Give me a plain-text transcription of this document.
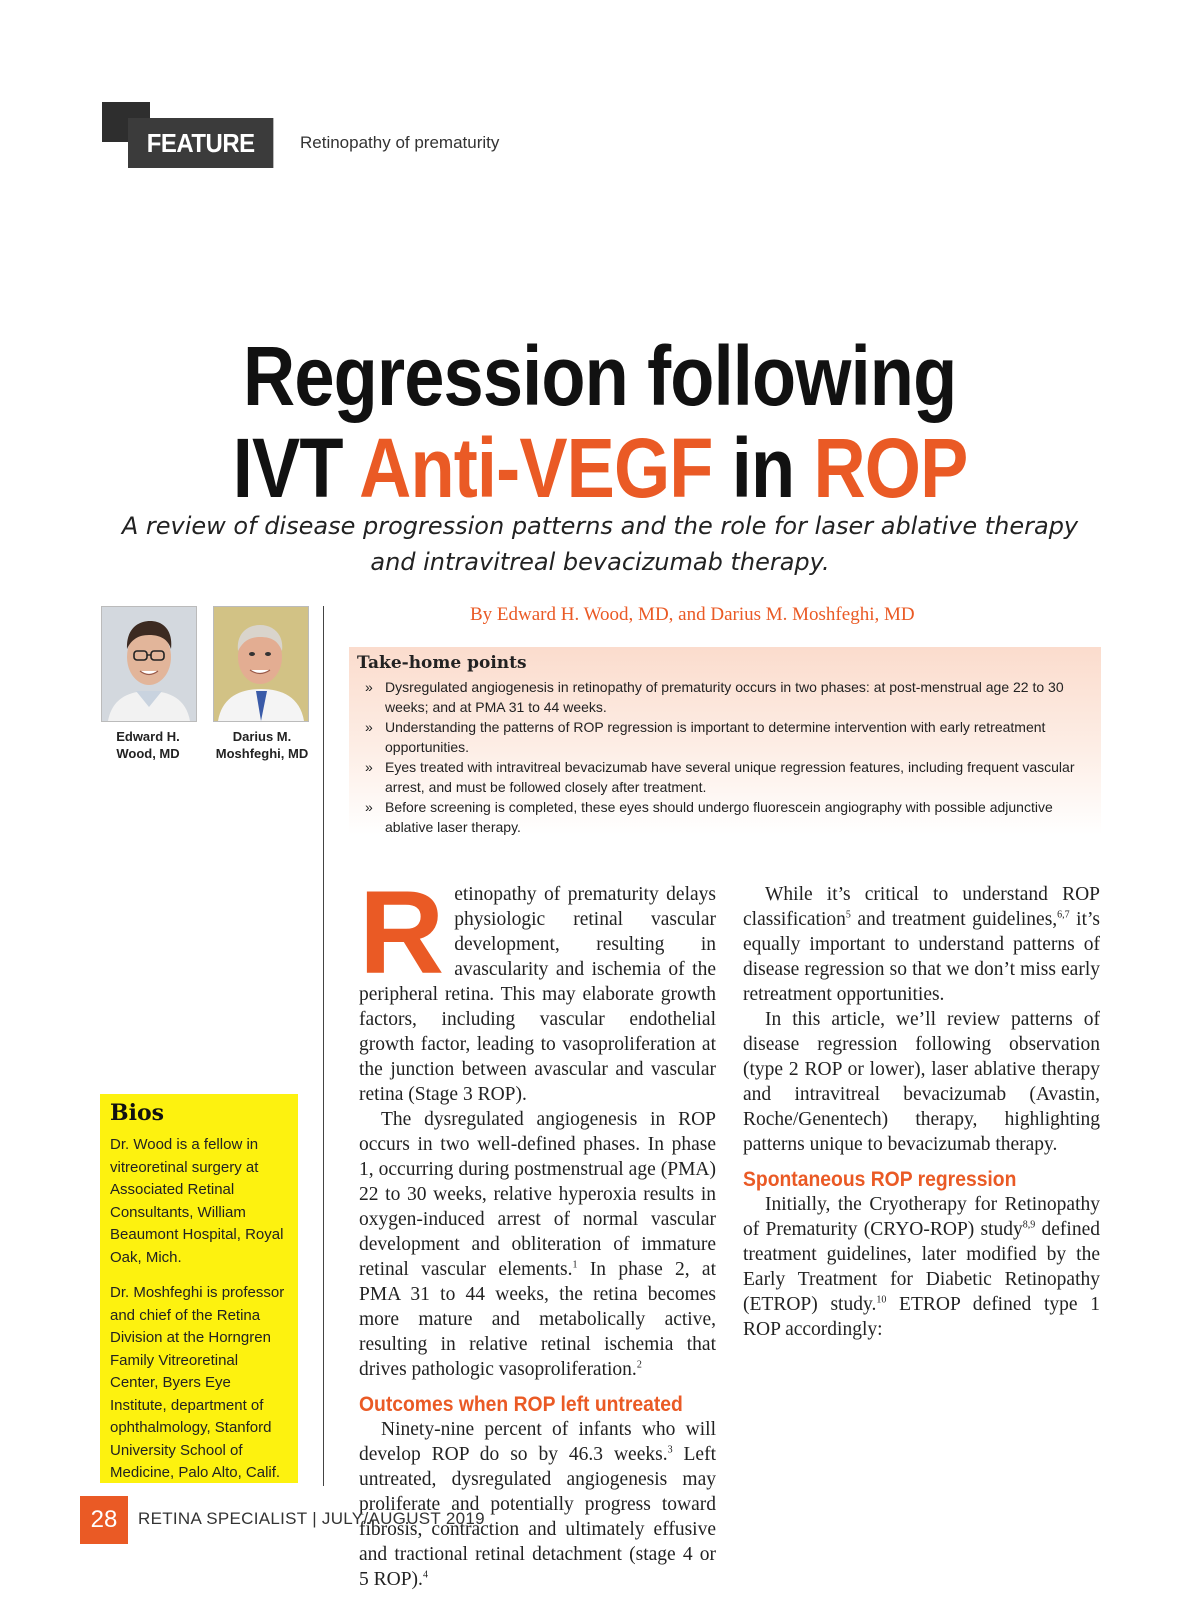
FEATURE	Retinopathy of prematurity
Regression following
IVT Anti-VEGF in ROP
A review of disease progression patterns and the role for laser ablative therapy
and intravitreal bevacizumab therapy.
By Edward H. Wood, MD, and Darius M. Moshfeghi, MD
Edward H.
Wood, MD
Darius M.
Moshfeghi, MD
Take-home points
» Dysregulated angiogenesis in retinopathy of prematurity occurs in two phases: at post-menstrual age 22 to 30 weeks; and at PMA 31 to 44 weeks.
» Understanding the patterns of ROP regression is important to determine intervention with early retreatment opportunities.
» Eyes treated with intravitreal bevacizumab have several unique regression features, including frequent vascular arrest, and must be followed closely after treatment.
» Before screening is completed, these eyes should undergo fluorescein angiography with possible adjunctive ablative laser therapy.
Bios

Dr. Wood is a fellow in vitreoretinal surgery at Associated Retinal Consultants, William Beaumont Hospital, Royal Oak, Mich.

Dr. Moshfeghi is professor and chief of the Retina Division at the Horngren Family Vitreoretinal Center, Byers Eye Institute, department of ophthalmology, Stanford University School of Medicine, Palo Alto, Calif.

Retinopathy of prematurity delays physiologic retinal vascular development, resulting in avascularity and ischemia of the peripheral retina. This may elaborate growth factors, including vascular endothelial growth factor, leading to vasoproliferation at the junction between avascular and vascular retina (Stage 3 ROP).

The dysregulated angiogenesis in ROP occurs in two well-defined phases. In phase 1, occurring during postmenstrual age (PMA) 22 to 30 weeks, relative hyperoxia results in oxygen-induced arrest of normal vascular development and obliteration of immature retinal vascular elements.$^1$ In phase 2, at PMA 31 to 44 weeks, the retina becomes more mature and metabolically active, resulting in relative retinal ischemia that drives pathologic vasoproliferation.$^2$

Outcomes when ROP left untreated

Ninety-nine percent of infants who will develop ROP do so by 46.3 weeks.$^3$ Left untreated, dysregulated angiogenesis may proliferate and potentially progress toward fibrosis, contraction and ultimately effusive and tractional retinal detachment (stage 4 or 5 ROP).$^4$

While it’s critical to understand ROP classification$^5$ and treatment guidelines,$^{6,7}$ it’s equally important to understand patterns of disease regression so that we don’t miss early retreatment opportunities.

In this article, we’ll review patterns of disease regression following observation (type 2 ROP or lower), laser ablative therapy and intravitreal bevacizumab (Avastin, Roche/Genentech) therapy, highlighting patterns unique to bevacizumab therapy.

Spontaneous ROP regression

Initially, the Cryotherapy for Retinopathy of Prematurity (CRYO-ROP) study$^{8,9}$ defined treatment guidelines, later modified by the Early Treatment for Diabetic Retinopathy (ETROP) study.$^{10}$ ETROP defined type 1 ROP accordingly:

28	RETINA SPECIALIST | JULY/AUGUST 2019
